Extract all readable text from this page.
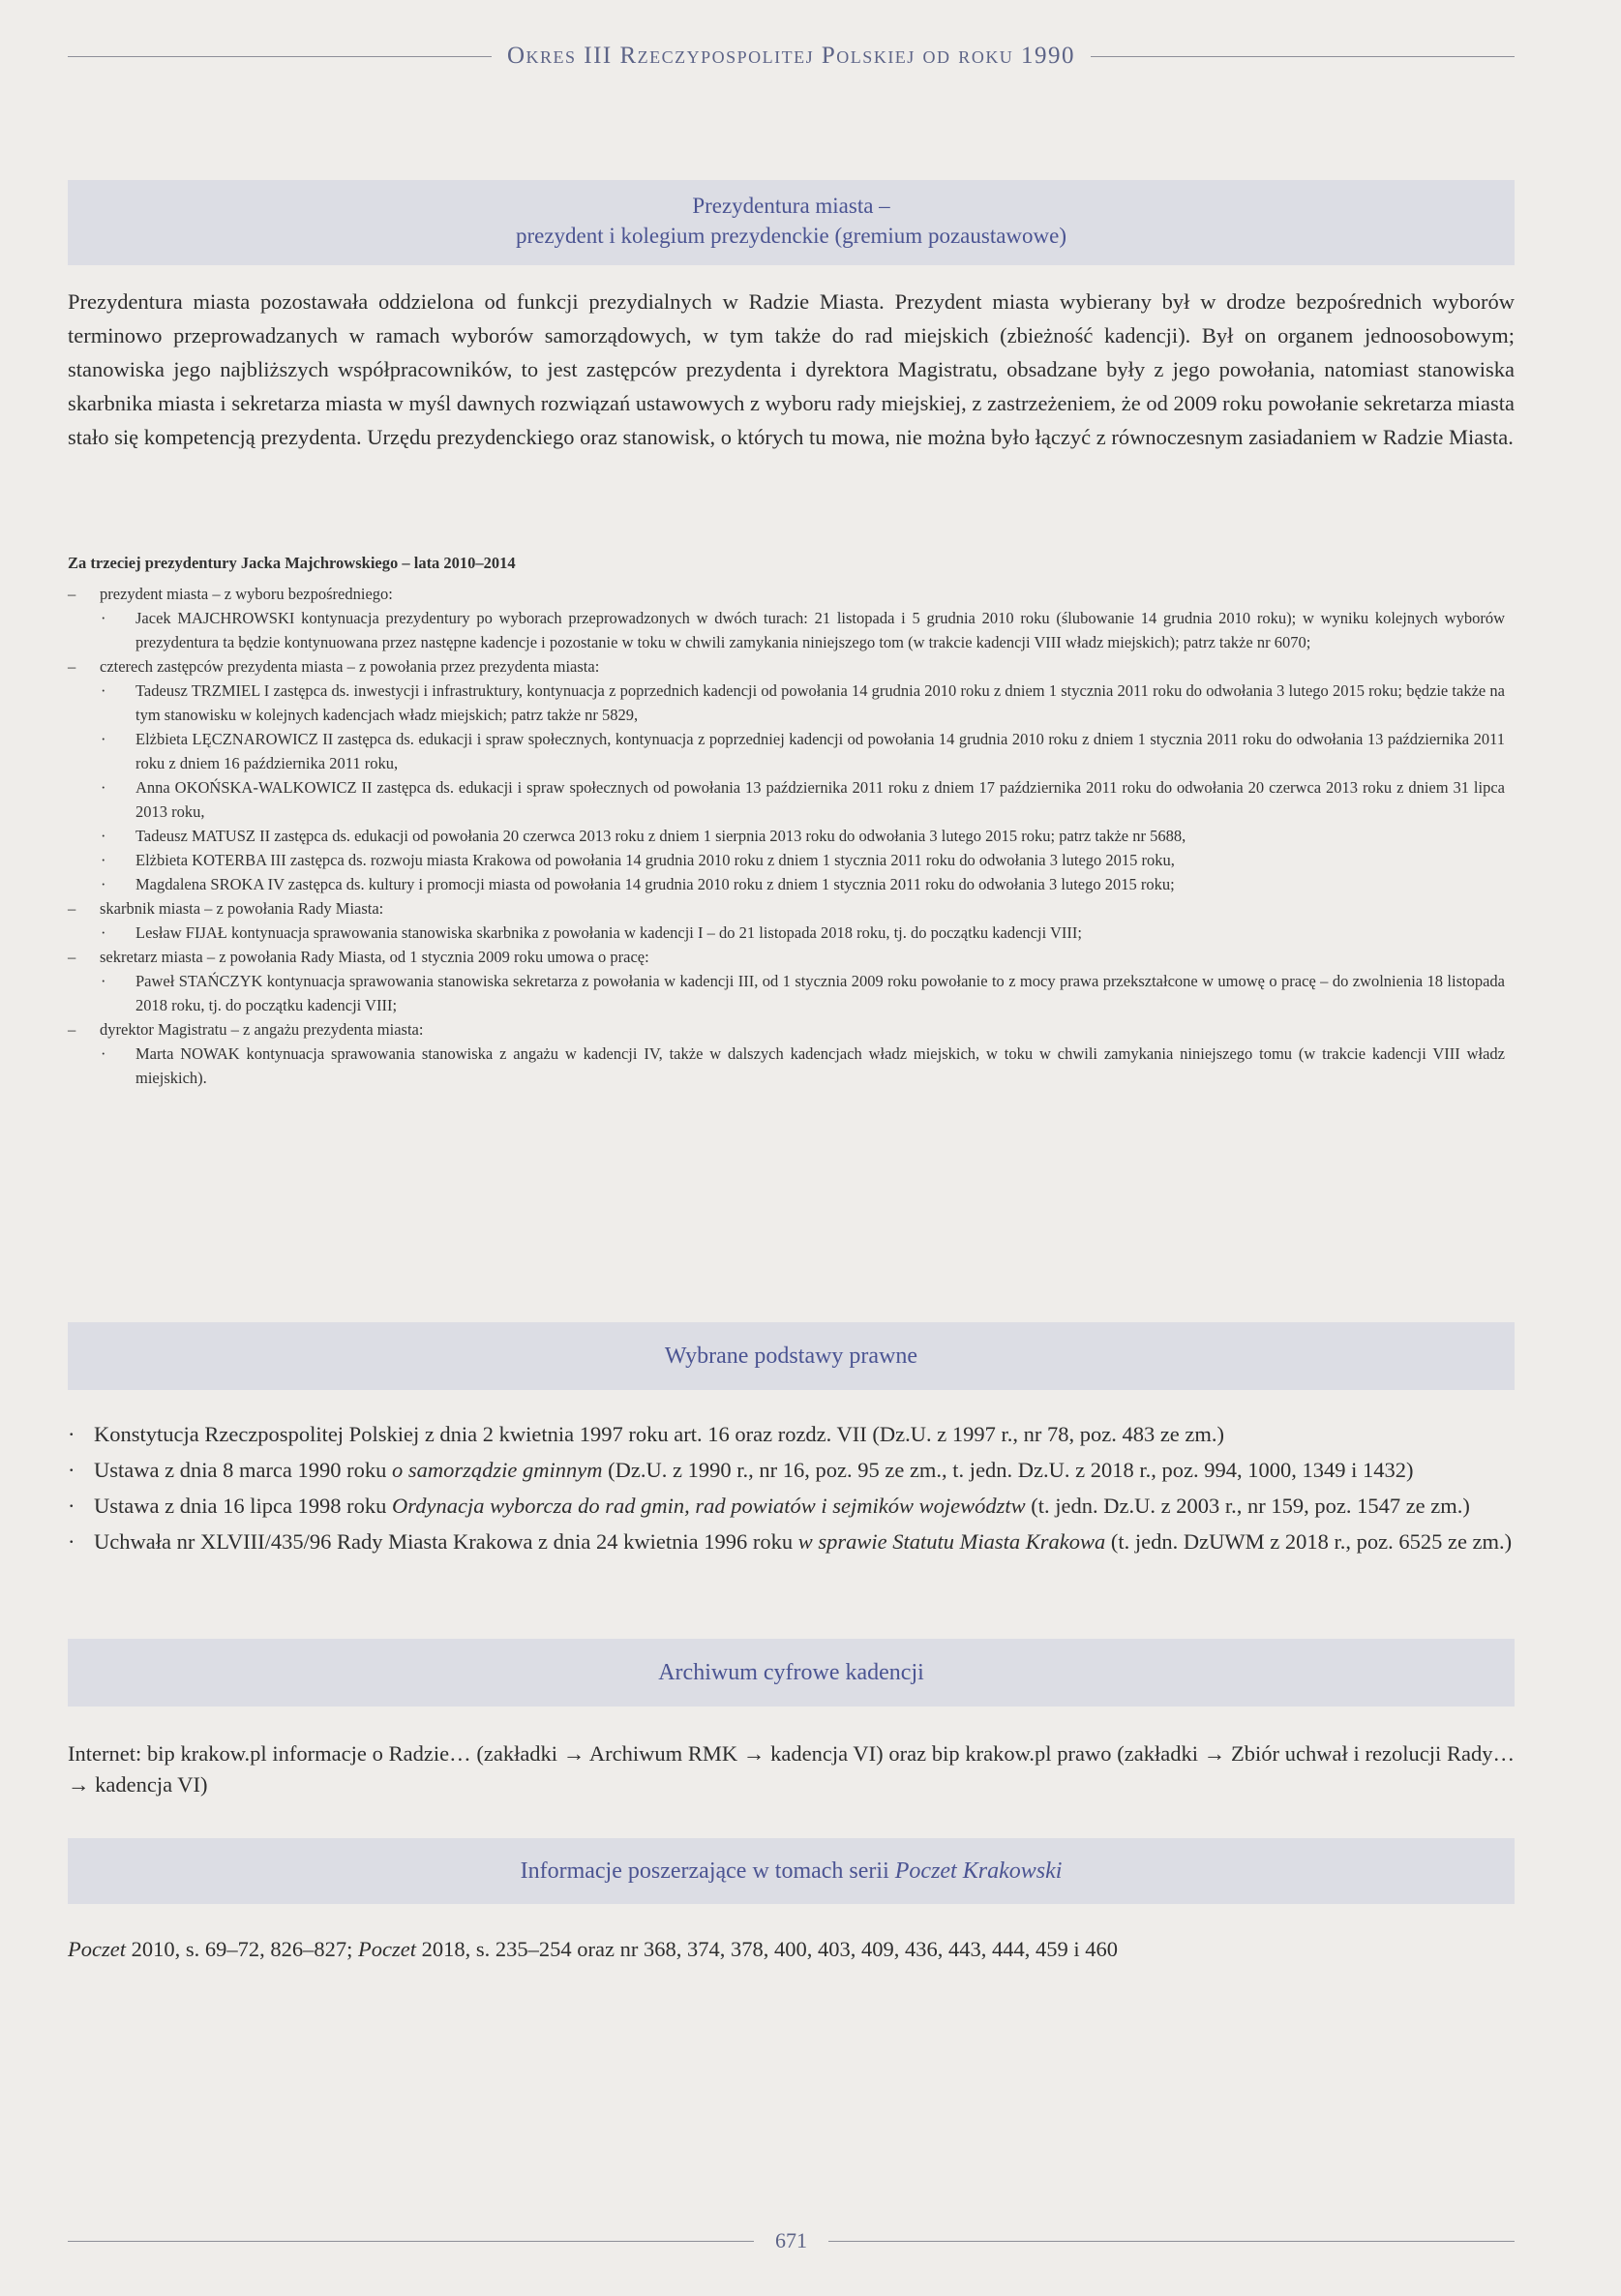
Okres III Rzeczypospolitej Polskiej od roku 1990
Prezydentura miasta –
prezydent i kolegium prezydenckie (gremium pozaustawowe)
Prezydentura miasta pozostawała oddzielona od funkcji prezydialnych w Radzie Miasta. Prezydent miasta wybierany był w drodze bezpośrednich wyborów terminowo przeprowadzanych w ramach wyborów samorządowych, w tym także do rad miejskich (zbieżność kadencji). Był on organem jednoosobowym; stanowiska jego najbliższych współpracowników, to jest zastępców prezydenta i dyrektora Magistratu, obsadzane były z jego powołania, natomiast stanowiska skarbnika miasta i sekretarza miasta w myśl dawnych rozwiązań ustawowych z wyboru rady miejskiej, z zastrzeżeniem, że od 2009 roku powołanie sekretarza miasta stało się kompetencją prezydenta. Urzędu prezydenckiego oraz stanowisk, o których tu mowa, nie można było łączyć z równoczesnym zasiadaniem w Radzie Miasta.
Za trzeciej prezydentury Jacka Majchrowskiego – lata 2010–2014
–	prezydent miasta – z wyboru bezpośredniego:
· Jacek MAJCHROWSKI kontynuacja prezydentury po wyborach przeprowadzonych w dwóch turach: 21 listopada i 5 grudnia 2010 roku (ślubowanie 14 grudnia 2010 roku); w wyniku kolejnych wyborów prezydentura ta będzie kontynuowana przez następne kadencje i pozostanie w toku w chwili zamykania niniejszego tom (w trakcie kadencji VIII władz miejskich); patrz także nr 6070;
–	czterech zastępców prezydenta miasta – z powołania przez prezydenta miasta:
· Tadeusz TRZMIEL I zastępca ds. inwestycji i infrastruktury, kontynuacja z poprzednich kadencji od powołania 14 grudnia 2010 roku z dniem 1 stycznia 2011 roku do odwołania 3 lutego 2015 roku; będzie także na tym stanowisku w kolejnych kadencjach władz miejskich; patrz także nr 5829,
· Elżbieta LĘCZNAROWICZ II zastępca ds. edukacji i spraw społecznych, kontynuacja z poprzedniej kadencji od powołania 14 grudnia 2010 roku z dniem 1 stycznia 2011 roku do odwołania 13 października 2011 roku z dniem 16 października 2011 roku,
· Anna OKOŃSKA-WALKOWICZ II zastępca ds. edukacji i spraw społecznych od powołania 13 października 2011 roku z dniem 17 października 2011 roku do odwołania 20 czerwca 2013 roku z dniem 31 lipca 2013 roku,
· Tadeusz MATUSZ II zastępca ds. edukacji od powołania 20 czerwca 2013 roku z dniem 1 sierpnia 2013 roku do odwołania 3 lutego 2015 roku; patrz także nr 5688,
· Elżbieta KOTERBA III zastępca ds. rozwoju miasta Krakowa od powołania 14 grudnia 2010 roku z dniem 1 stycznia 2011 roku do odwołania 3 lutego 2015 roku,
· Magdalena SROKA IV zastępca ds. kultury i promocji miasta od powołania 14 grudnia 2010 roku z dniem 1 stycznia 2011 roku do odwołania 3 lutego 2015 roku;
–	skarbnik miasta – z powołania Rady Miasta:
· Lesław FIJAŁ kontynuacja sprawowania stanowiska skarbnika z powołania w kadencji I – do 21 listopada 2018 roku, tj. do początku kadencji VIII;
–	sekretarz miasta – z powołania Rady Miasta, od 1 stycznia 2009 roku umowa o pracę:
· Paweł STAŃCZYK kontynuacja sprawowania stanowiska sekretarza z powołania w kadencji III, od 1 stycznia 2009 roku powołanie to z mocy prawa przekształcone w umowę o pracę – do zwolnienia 18 listopada 2018 roku, tj. do początku kadencji VIII;
–	dyrektor Magistratu – z angażu prezydenta miasta:
· Marta NOWAK kontynuacja sprawowania stanowiska z angażu w kadencji IV, także w dalszych kadencjach władz miejskich, w toku w chwili zamykania niniejszego tomu (w trakcie kadencji VIII władz miejskich).
Wybrane podstawy prawne
· Konstytucja Rzeczpospolitej Polskiej z dnia 2 kwietnia 1997 roku art. 16 oraz rozdz. VII (Dz.U. z 1997 r., nr 78, poz. 483 ze zm.)
· Ustawa z dnia 8 marca 1990 roku o samorządzie gminnym (Dz.U. z 1990 r., nr 16, poz. 95 ze zm., t. jedn. Dz.U. z 2018 r., poz. 994, 1000, 1349 i 1432)
· Ustawa z dnia 16 lipca 1998 roku Ordynacja wyborcza do rad gmin, rad powiatów i sejmików województw (t. jedn. Dz.U. z 2003 r., nr 159, poz. 1547 ze zm.)
· Uchwała nr XLVIII/435/96 Rady Miasta Krakowa z dnia 24 kwietnia 1996 roku w sprawie Statutu Miasta Krakowa (t. jedn. DzUWM z 2018 r., poz. 6525 ze zm.)
Archiwum cyfrowe kadencji
Internet: bip krakow.pl informacje o Radzie… (zakładki → Archiwum RMK → kadencja VI) oraz bip krakow.pl prawo (zakładki → Zbiór uchwał i rezolucji Rady… → kadencja VI)
Informacje poszerzające w tomach serii Poczet Krakowski
Poczet 2010, s. 69–72, 826–827; Poczet 2018, s. 235–254 oraz nr 368, 374, 378, 400, 403, 409, 436, 443, 444, 459 i 460
671
